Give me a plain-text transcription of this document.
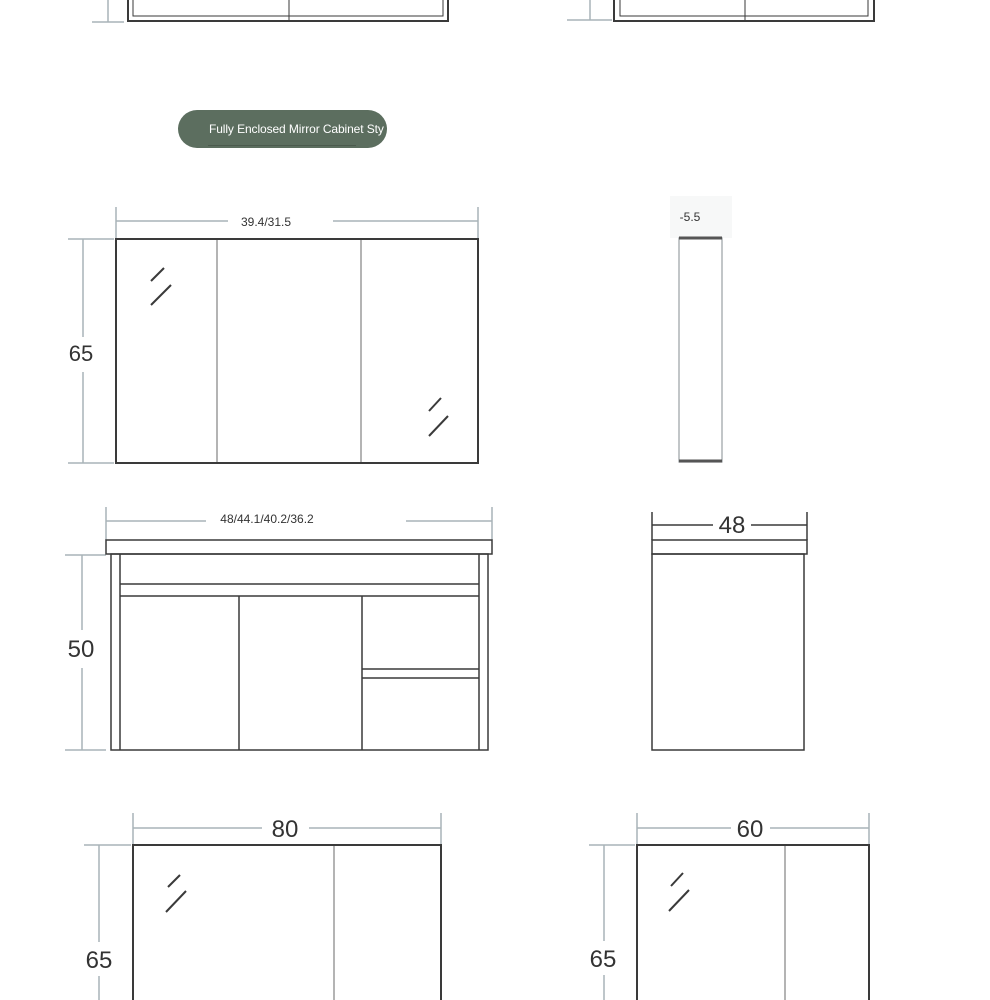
39.4/31.5
65
-5.5
48/44.1/40.2/36.2
50
48
80
65
60
65
Fully Enclosed Mirror Cabinet Sty
